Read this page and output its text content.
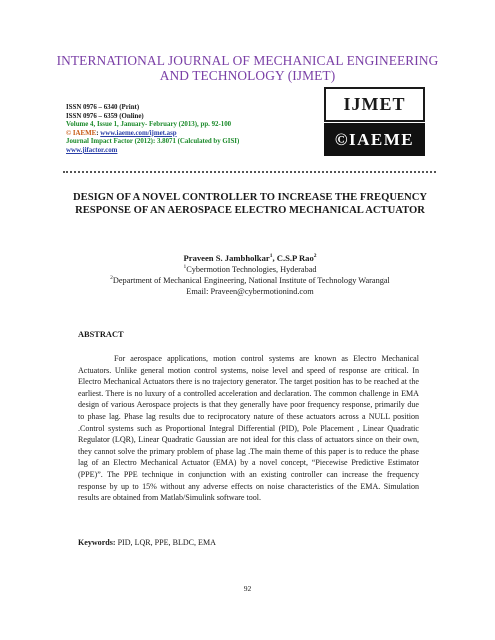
INTERNATIONAL JOURNAL OF MECHANICAL ENGINEERING
AND TECHNOLOGY (IJMET)
ISSN 0976 – 6340 (Print)
ISSN 0976 – 6359 (Online)
Volume 4, Issue 1, January- February (2013), pp. 92-100
© IAEME: www.iaeme.com/ijmet.asp
Journal Impact Factor (2012): 3.8071 (Calculated by GISI)
www.jifactor.com
IJMET
©IAEME
DESIGN OF A NOVEL CONTROLLER TO INCREASE THE FREQUENCY RESPONSE OF AN AEROSPACE ELECTRO MECHANICAL ACTUATOR
Praveen S. Jambholkar$^1$, C.S.P Rao$^2$
$^1$Cybermotion Technologies, Hyderabad
$^2$Department of Mechanical Engineering, National Institute of Technology Warangal
Email: Praveen@cybermotionind.com
ABSTRACT
For aerospace applications, motion control systems are known as Electro Mechanical Actuators. Unlike general motion control systems, noise level and speed of response are critical. In Electro Mechanical Actuators there is no trajectory generator. The target position has to be reached at the earliest. There is no luxury of a controlled acceleration and declaration. The common challenge in EMA design of various Aerospace projects is that they generally have poor frequency response, primarily due to phase lag. Phase lag results due to reciprocatory nature of these actuators across a NULL position .Control systems such as Proportional Integral Differential (PID), Pole Placement , Linear Quadratic Regulator (LQR), Linear Quadratic Gaussian are not ideal for this class of actuators since on their own, they cannot solve the primary problem of phase lag .The main theme of this paper is to reduce the phase lag of an Electro Mechanical Actuator (EMA) by a novel concept, “Piecewise Predictive Estimator (PPE)”. The PPE technique in conjunction with an existing controller can increase the frequency response by up to 15% without any adverse effects on noise characteristics of the EMA. Simulation results are obtained from Matlab/Simulink software tool.
Keywords: PID, LQR, PPE, BLDC, EMA
92
